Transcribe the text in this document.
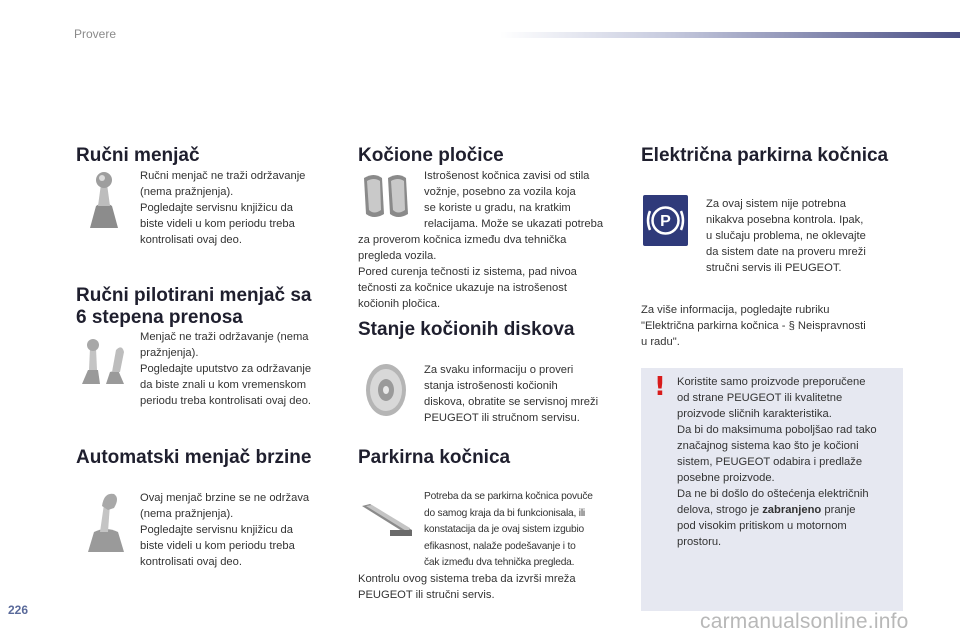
Provere
Ručni menjač
Ručni menjač ne traži održavanje
(nema pražnjenja).
Pogledajte servisnu knjižicu da
biste videli u kom periodu treba
kontrolisati ovaj deo.
Ručni pilotirani menjač sa
6 stepena prenosa
Menjač ne traži održavanje (nema
pražnjenja).
Pogledajte uputstvo za održavanje
da biste znali u kom vremenskom
periodu treba kontrolisati ovaj deo.
Automatski menjač brzine
Ovaj menjač brzine se ne održava
(nema pražnjenja).
Pogledajte servisnu knjižicu da
biste videli u kom periodu treba
kontrolisati ovaj deo.
Kočione pločice
Istrošenost kočnica zavisi od stila
vožnje, posebno za vozila koja
se koriste u gradu, na kratkim
relacijama. Može se ukazati potreba
za proverom kočnica između dva tehnička
pregleda vozila.
Pored curenja tečnosti iz sistema, pad nivoa
tečnosti za kočnice ukazuje na istrošenost
kočionih pločica.
Stanje kočionih diskova
Za svaku informaciju o proveri
stanja istrošenosti kočionih
diskova, obratite se servisnoj mreži
PEUGEOT ili stručnom servisu.
Parkirna kočnica
Potreba da se parkirna kočnica povuče
do samog kraja da bi funkcionisala, ili
konstatacija da je ovaj sistem izgubio
efikasnost, nalaže podešavanje i to
čak između dva tehnička pregleda.
Kontrolu ovog sistema treba da izvrši mreža
PEUGEOT ili stručni servis.
Električna parkirna kočnica
P
Za ovaj sistem nije potrebna
nikakva posebna kontrola. Ipak,
u slučaju problema, ne oklevajte
da sistem date na proveru mreži
stručni servis ili PEUGEOT.
Za više informacija, pogledajte rubriku
"Električna parkirna kočnica - § Neispravnosti
u radu".
! Koristite samo proizvode preporučene
od strane PEUGEOT ili kvalitetne
proizvode sličnih karakteristika.
Da bi do maksimuma poboljšao rad tako
značajnog sistema kao što je kočioni
sistem, PEUGEOT odabira i predlaže
posebne proizvode.
Da ne bi došlo do oštećenja električnih
delova, strogo je zabranjeno pranje
pod visokim pritiskom u motornom
prostoru.
226	carmanualsonline.info
